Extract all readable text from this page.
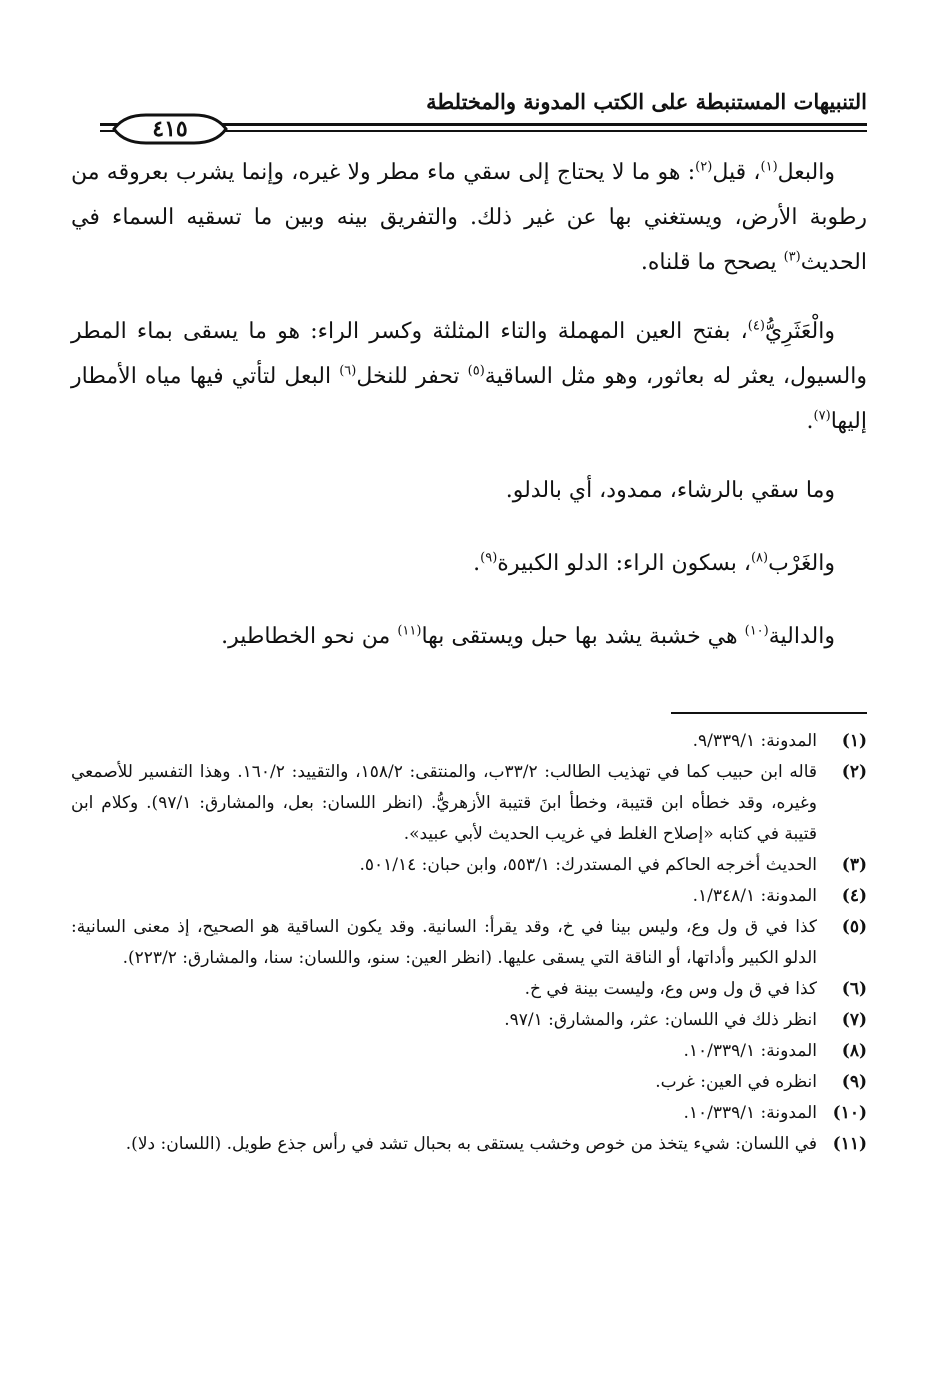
التنبيهات المستنبطة على الكتب المدونة والمختلطة
٤١٥

والبعل$^{(١)}$، قيل$^{(٢)}$: هو ما لا يحتاج إلى سقي ماء مطر ولا غيره، وإنما يشرب بعروقه من رطوبة الأرض، ويستغني بها عن غير ذلك. والتفريق بينه وبين ما تسقيه السماء في الحديث$^{(٣)}$ يصحح ما قلناه.

والْعَثَرِيُّ$^{(٤)}$، بفتح العين المهملة والتاء المثلثة وكسر الراء: هو ما يسقى بماء المطر والسيول، يعثر له بعاثور، وهو مثل الساقية$^{(٥)}$ تحفر للنخل$^{(٦)}$ البعل لتأتي فيها مياه الأمطار إليها$^{(٧)}$.

وما سقي بالرشاء، ممدود، أي بالدلو.

والغَرْب$^{(٨)}$، بسكون الراء: الدلو الكبيرة$^{(٩)}$.

والدالية$^{(١٠)}$ هي خشبة يشد بها حبل ويستقى بها$^{(١١)}$ من نحو الخطاطير.

(١)
المدونة: ٩/٣٣٩/١.
(٢)
قاله ابن حبيب كما في تهذيب الطالب: ٣٣/٢ب، والمنتقى: ١٥٨/٢، والتقييد: ١٦٠/٢. وهذا التفسير للأصمعي وغيره، وقد خطأه ابن قتيبة، وخطأ ابنَ قتيبة الأزهريُّ. (انظر اللسان: بعل، والمشارق: ٩٧/١). وكلام ابن قتيبة في كتابه «إصلاح الغلط في غريب الحديث لأبي عبيد».
(٣)
الحديث أخرجه الحاكم في المستدرك: ٥٥٣/١، وابن حبان: ٥٠١/١٤.
(٤)
المدونة: ١/٣٤٨/١.
(٥)
كذا في ق ول وع، وليس بينا في خ، وقد يقرأ: السانية. وقد يكون الساقية هو الصحيح، إذ معنى السانية: الدلو الكبير وأداتها، أو الناقة التي يسقى عليها. (انظر العين: سنو، واللسان: سنا، والمشارق: ٢٢٣/٢).
(٦)
كذا في ق ول وس وع، وليست بينة في خ.
(٧)
انظر ذلك في اللسان: عثر، والمشارق: ٩٧/١.
(٨)
المدونة: ١٠/٣٣٩/١.
(٩)
انظره في العين: غرب.
(١٠)
المدونة: ١٠/٣٣٩/١.
(١١)
في اللسان: شيء يتخذ من خوص وخشب يستقى به بحبال تشد في رأس جذع طويل. (اللسان: دلا).
